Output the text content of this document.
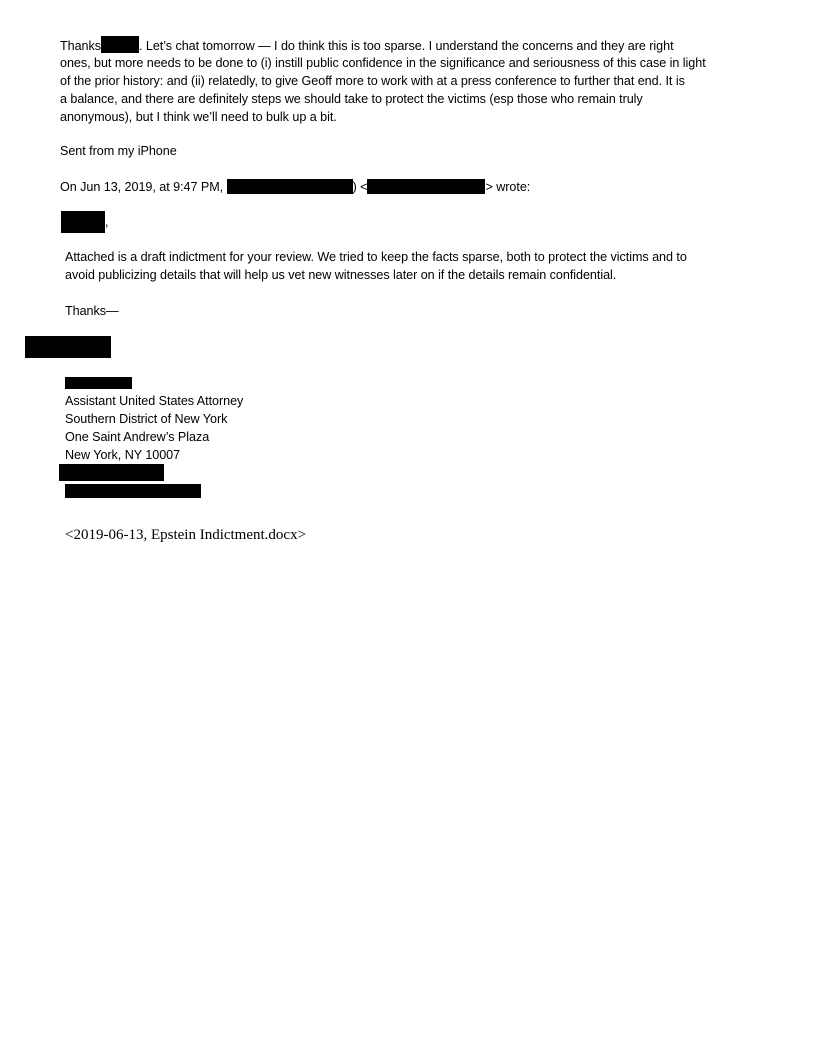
Thanks	. Let’s chat tomorrow — I do think this is too sparse. I understand the concerns and they are right
ones, but more needs to be done to (i) instill public confidence in the significance and seriousness of this case in light
of the prior history: and (ii) relatedly, to give Geoff more to work with at a press conference to further that end. It is
a balance, and there are definitely steps we should take to protect the victims (esp those who remain truly
anonymous), but I think we’ll need to bulk up a bit.
Sent from my iPhone
On Jun 13, 2019, at 9:47 PM,	) <	> wrote:
,
Attached is a draft indictment for your review. We tried to keep the facts sparse, both to protect the victims and to
avoid publicizing details that will help us vet new witnesses later on if the details remain confidential.
Thanks—
Assistant United States Attorney
Southern District of New York
One Saint Andrew’s Plaza
New York, NY 10007
<2019-06-13, Epstein Indictment.docx>
